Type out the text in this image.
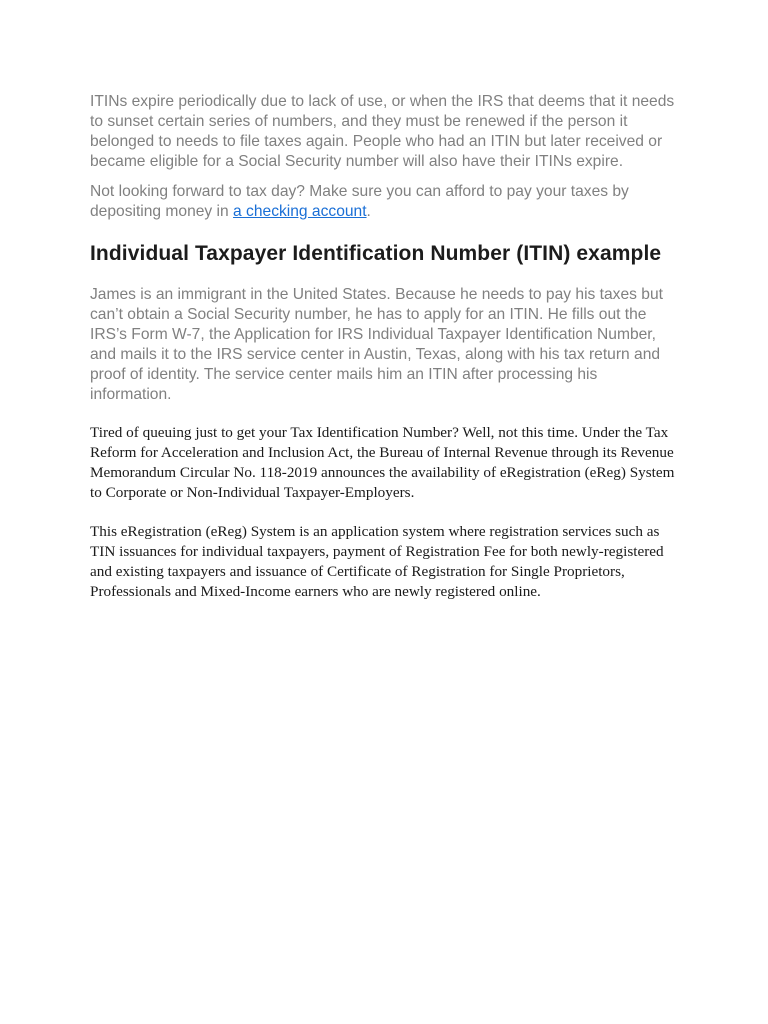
ITINs expire periodically due to lack of use, or when the IRS that deems that it needs to sunset certain series of numbers, and they must be renewed if the person it belonged to needs to file taxes again. People who had an ITIN but later received or became eligible for a Social Security number will also have their ITINs expire.

Not looking forward to tax day? Make sure you can afford to pay your taxes by depositing money in a checking account.

Individual Taxpayer Identification Number (ITIN) example

James is an immigrant in the United States. Because he needs to pay his taxes but can’t obtain a Social Security number, he has to apply for an ITIN. He fills out the IRS’s Form W-7, the Application for IRS Individual Taxpayer Identification Number, and mails it to the IRS service center in Austin, Texas, along with his tax return and proof of identity. The service center mails him an ITIN after processing his information.

Tired of queuing just to get your Tax Identification Number? Well, not this time. Under the Tax Reform for Acceleration and Inclusion Act, the Bureau of Internal Revenue through its Revenue Memorandum Circular No. 118-2019 announces the availability of eRegistration (eReg) System to Corporate or Non-Individual Taxpayer-Employers.

This eRegistration (eReg) System is an application system where registration services such as TIN issuances for individual taxpayers, payment of Registration Fee for both newly-registered and existing taxpayers and issuance of Certificate of Registration for Single Proprietors, Professionals and Mixed-Income earners who are newly registered online.
